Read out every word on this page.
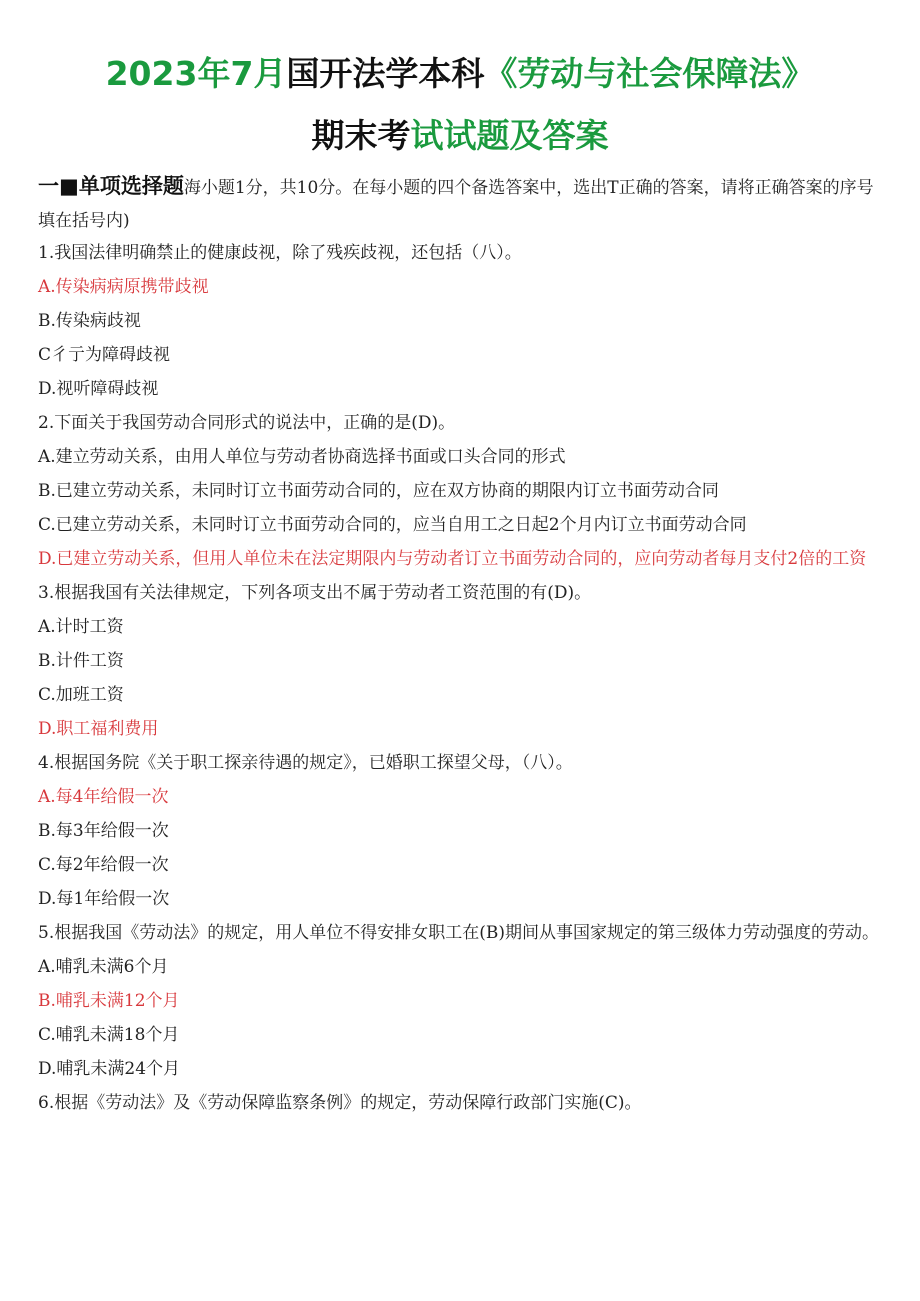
2023年7月国开法学本科《劳动与社会保障法》
期末考试试题及答案
一■单项选择题海小题1分，共10分。在每小题的四个备选答案中，选出T正确的答案，请将正确答案的序号填在括号内)
1.我国法律明确禁止的健康歧视，除了残疾歧视，还包括（八）。
A.传染病病原携带歧视
B.传染病歧视
C彳亍为障碍歧视
D.视听障碍歧视
2.下面关于我国劳动合同形式的说法中，正确的是(D)。
A.建立劳动关系，由用人单位与劳动者协商选择书面或口头合同的形式
B.已建立劳动关系，未同时订立书面劳动合同的，应在双方协商的期限内订立书面劳动合同
C.已建立劳动关系，未同时订立书面劳动合同的，应当自用工之日起2个月内订立书面劳动合同
D.已建立劳动关系，但用人单位未在法定期限内与劳动者订立书面劳动合同的，应向劳动者每月支付2倍的工资
3.根据我国有关法律规定，下列各项支出不属于劳动者工资范围的有(D)。
A.计时工资
B.计件工资
C.加班工资
D.职工福利费用
4.根据国务院《关于职工探亲待遇的规定》，已婚职工探望父母，（八）。
A.每4年给假一次
B.每3年给假一次
C.每2年给假一次
D.每1年给假一次
5.根据我国《劳动法》的规定，用人单位不得安排女职工在(B)期间从事国家规定的第三级体力劳动强度的劳动。
A.哺乳未满6个月
B.哺乳未满12个月
C.哺乳未满18个月
D.哺乳未满24个月
6.根据《劳动法》及《劳动保障监察条例》的规定，劳动保障行政部门实施(C)。
